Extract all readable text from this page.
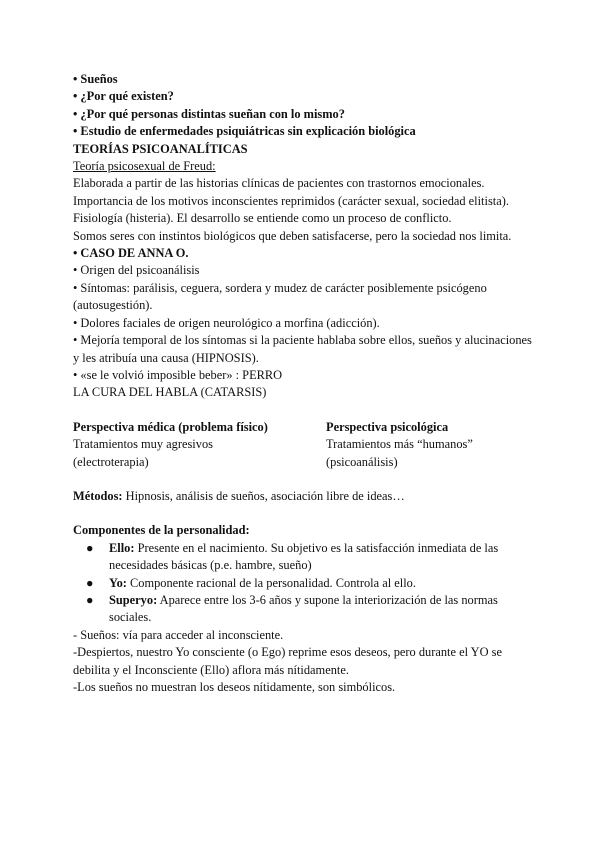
• Sueños

• ¿Por qué existen?

• ¿Por qué personas distintas sueñan con lo mismo?

• Estudio de enfermedades psiquiátricas sin explicación biológica

TEORÍAS PSICOANALÍTICAS

Teoría psicosexual de Freud:

Elaborada a partir de las historias clínicas de pacientes con trastornos emocionales.

Importancia de los motivos inconscientes reprimidos (carácter sexual, sociedad elitista).

Fisiología (histeria). El desarrollo se entiende como un proceso de conflicto.

Somos seres con instintos biológicos que deben satisfacerse, pero la sociedad nos limita.

• CASO DE ANNA O.

• Origen del psicoanálisis

• Síntomas: parálisis, ceguera, sordera y mudez de carácter posiblemente psicógeno (autosugestión).

• Dolores faciales de origen neurológico a morfina (adicción).

• Mejoría temporal de los síntomas si la paciente hablaba sobre ellos, sueños y alucinaciones y les atribuía una causa (HIPNOSIS).

• «se le volvió imposible beber» : PERRO

LA CURA DEL HABLA (CATARSIS)

Perspectiva médica (problema físico)

Tratamientos muy agresivos

(electroterapia)

Perspectiva psicológica

Tratamientos más “humanos”

(psicoanálisis)

Métodos: Hipnosis, análisis de sueños, asociación libre de ideas…

Componentes de la personalidad:

● Ello: Presente en el nacimiento. Su objetivo es la satisfacción inmediata de las necesidades básicas (p.e. hambre, sueño)
● Yo: Componente racional de la personalidad. Controla al ello.
● Superyo: Aparece entre los 3-6 años y supone la interiorización de las normas sociales.

- Sueños: vía para acceder al inconsciente.

-Despiertos, nuestro Yo consciente (o Ego) reprime esos deseos, pero durante el YO se debilita y el Inconsciente (Ello) aflora más nítidamente.

-Los sueños no muestran los deseos nítidamente, son simbólicos.
